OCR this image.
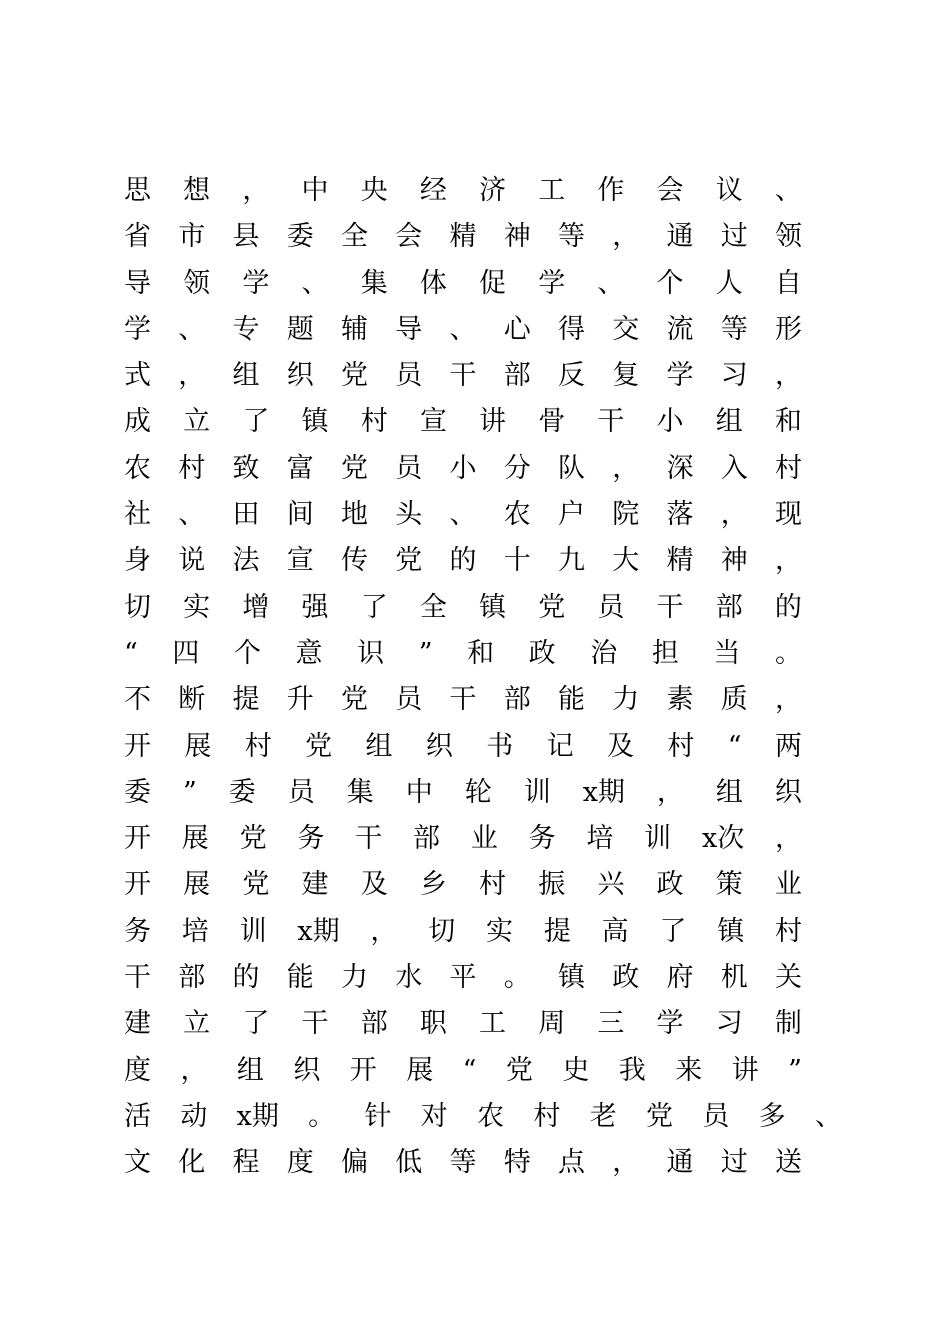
思 想 ， 中 央 经 济 工 作 会 议 、
省 市 县 委 全 会 精 神 等 ， 通 过 领
导 领 学 、 集 体 促 学 、 个 人 自
学 、 专 题 辅 导 、 心 得 交 流 等 形
式 ， 组 织 党 员 干 部 反 复 学 习 ，
成 立 了 镇 村 宣 讲 骨 干 小 组 和
农 村 致 富 党 员 小 分 队 ， 深 入 村
社 、 田 间 地 头 、 农 户 院 落 ， 现
身 说 法 宣 传 党 的 十 九 大 精 神 ，
切 实 增 强 了 全 镇 党 员 干 部 的
“ 四 个 意 识 ” 和 政 治 担 当 。
不 断 提 升 党 员 干 部 能 力 素 质 ，
开 展 村 党 组 织 书 记 及 村 “ 两
委 ” 委 员 集 中 轮 训 x期 ， 组 织
开 展 党 务 干 部 业 务 培 训 x次 ，
开 展 党 建 及 乡 村 振 兴 政 策 业
务 培 训 x期 ， 切 实 提 高 了 镇 村
干 部 的 能 力 水 平 。 镇 政 府 机 关
建 立 了 干 部 职 工 周 三 学 习 制
度 ， 组 织 开 展 “ 党 史 我 来 讲 ”
活 动 x期 。 针 对 农 村 老 党 员 多 、
文 化 程 度 偏 低 等 特 点 ， 通 过 送
